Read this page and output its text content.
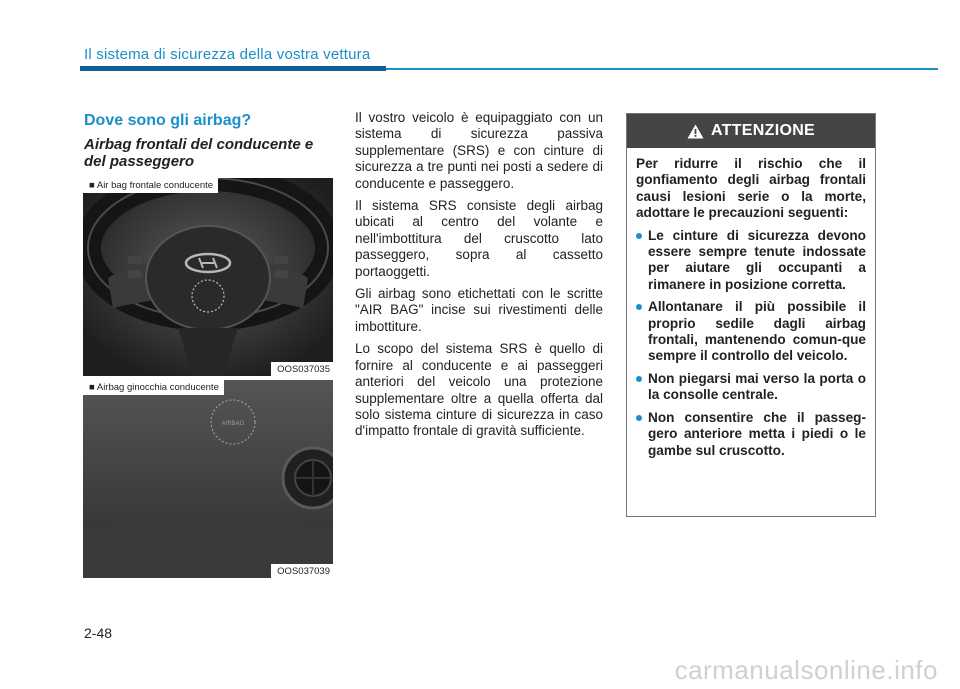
Il sistema di sicurezza della vostra vettura
Dove sono gli airbag?
Airbag frontali del conducente e del passeggero
■ Air bag frontale conducente
OOS037035
AIRBAG
■ Airbag ginocchia conducente
OOS037039

Il vostro veicolo è equipaggiato con un sistema di sicurezza passiva supplementare (SRS) e con cinture di sicurezza a tre punti nei posti a sedere di conducente e passeggero.

Il sistema SRS consiste degli airbag ubicati al centro del volante e nell'imbottitura del cruscotto lato passeggero, sopra al cassetto portaoggetti.

Gli airbag sono etichettati con le scritte "AIR BAG" incise sui rivestimenti delle imbottiture.

Lo scopo del sistema SRS è quello di fornire al conducente e ai passeggeri anteriori del veicolo una protezione supplementare oltre a quella offerta dal solo sistema cinture di sicurezza in caso d'impatto frontale di gravità sufficiente.

ATTENZIONE

Per ridurre il rischio che il gonfiamento degli airbag frontali causi lesioni serie o la morte, adottare le precauzioni seguenti:

Le cinture di sicurezza devono essere sempre tenute indossate per aiutare gli occupanti a rimanere in posizione corretta.
Allontanare il più possibile il proprio sedile dagli airbag frontali, mantenendo comun-que sempre il controllo del veicolo.
Non piegarsi mai verso la porta o la consolle centrale.
Non consentire che il passeg-gero anteriore metta i piedi o le gambe sul cruscotto.
2-48
carmanualsonline.info
